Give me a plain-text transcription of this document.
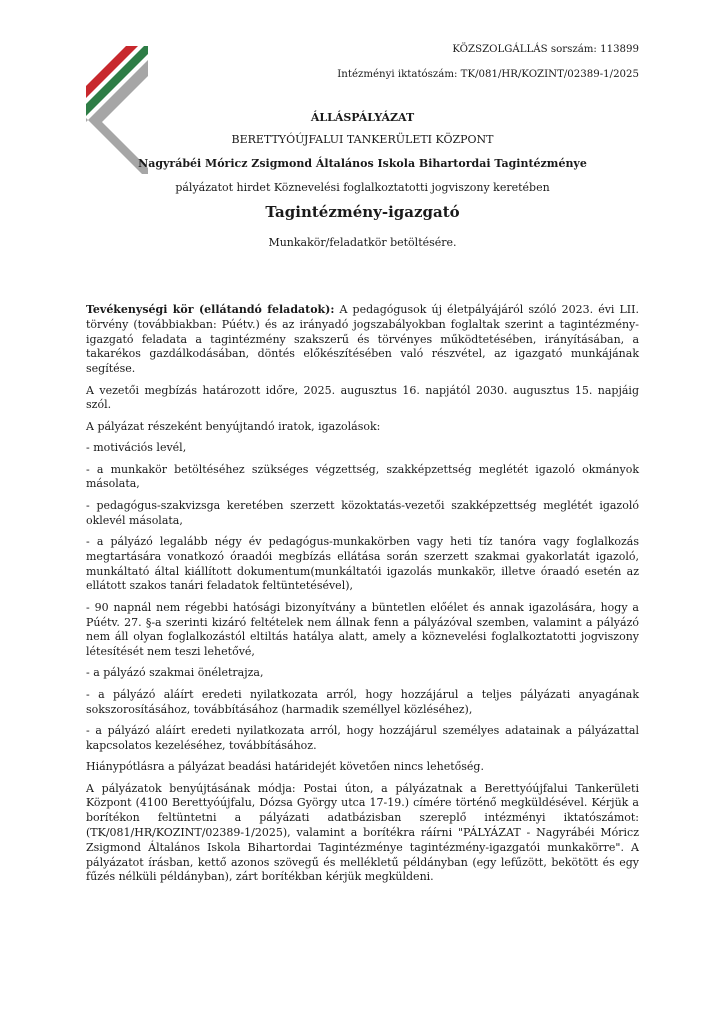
KÖZSZOLGÁLLÁS sorszám: 113899
Intézményi iktatószám: TK/081/HR/KOZINT/02389-1/2025
ÁLLÁSPÁLYÁZAT
BERETTYÓÚJFALUI TANKERÜLETI KÖZPONT
Nagyrábéi Móricz Zsigmond Általános Iskola Bihartordai Tagintézménye
pályázatot hirdet Köznevelési foglalkoztatotti jogviszony keretében
Tagintézmény-igazgató
Munkakör/feladatkör betöltésére.

Tevékenységi kör (ellátandó feladatok): A pedagógusok új életpályájáról szóló 2023. évi LII. törvény (továbbiakban: Púétv.) és az irányadó jogszabályokban foglaltak szerint a tagintézmény-igazgató feladata a tagintézmény szakszerű és törvényes működtetésében, irányításában, a takarékos gazdálkodásában, döntés előkészítésében való részvétel, az igazgató munkájának segítése.

A vezetői megbízás határozott időre, 2025. augusztus 16. napjától 2030. augusztus 15. napjáig szól.

A pályázat részeként benyújtandó iratok, igazolások:

- motivációs levél,

- a munkakör betöltéséhez szükséges végzettség, szakképzettség meglétét igazoló okmányok másolata,

- pedagógus-szakvizsga keretében szerzett közoktatás-vezetői szakképzettség meglétét igazoló oklevél másolata,

- a pályázó legalább négy év pedagógus-munkakörben vagy heti tíz tanóra vagy foglalkozás megtartására vonatkozó óraadói megbízás ellátása során szerzett szakmai gyakorlatát igazoló, munkáltató által kiállított dokumentum(munkáltatói igazolás munkakör, illetve óraadó esetén az ellátott szakos tanári feladatok feltüntetésével),

- 90 napnál nem régebbi hatósági bizonyítvány a büntetlen előélet és annak igazolására, hogy a Púétv. 27. §-a szerinti kizáró feltételek nem állnak fenn a pályázóval szemben, valamint a pályázó nem áll olyan foglalkozástól eltiltás hatálya alatt, amely a köznevelési foglalkoztatotti jogviszony létesítését nem teszi lehetővé,

- a pályázó szakmai önéletrajza,

- a pályázó aláírt eredeti nyilatkozata arról, hogy hozzájárul a teljes pályázati anyagának sokszorosításához, továbbításához (harmadik személlyel közléséhez),

- a pályázó aláírt eredeti nyilatkozata arról, hogy hozzájárul személyes adatainak a pályázattal kapcsolatos kezeléséhez, továbbításához.

Hiánypótlásra a pályázat beadási határidejét követően nincs lehetőség.

A pályázatok benyújtásának módja: Postai úton, a pályázatnak a Berettyóújfalui Tankerületi Központ (4100 Berettyóújfalu, Dózsa György utca 17-19.) címére történő megküldésével. Kérjük a borítékon feltüntetni a pályázati adatbázisban szereplő intézményi iktatószámot: (TK/081/HR/KOZINT/02389-1/2025), valamint a borítékra ráírni "PÁLYÁZAT - Nagyrábéi Móricz Zsigmond Általános Iskola Bihartordai Tagintézménye tagintézmény-igazgatói munkakörre". A pályázatot írásban, kettő azonos szövegű és mellékletű példányban (egy lefűzött, bekötött és egy fűzés nélküli példányban), zárt borítékban kérjük megküldeni.
